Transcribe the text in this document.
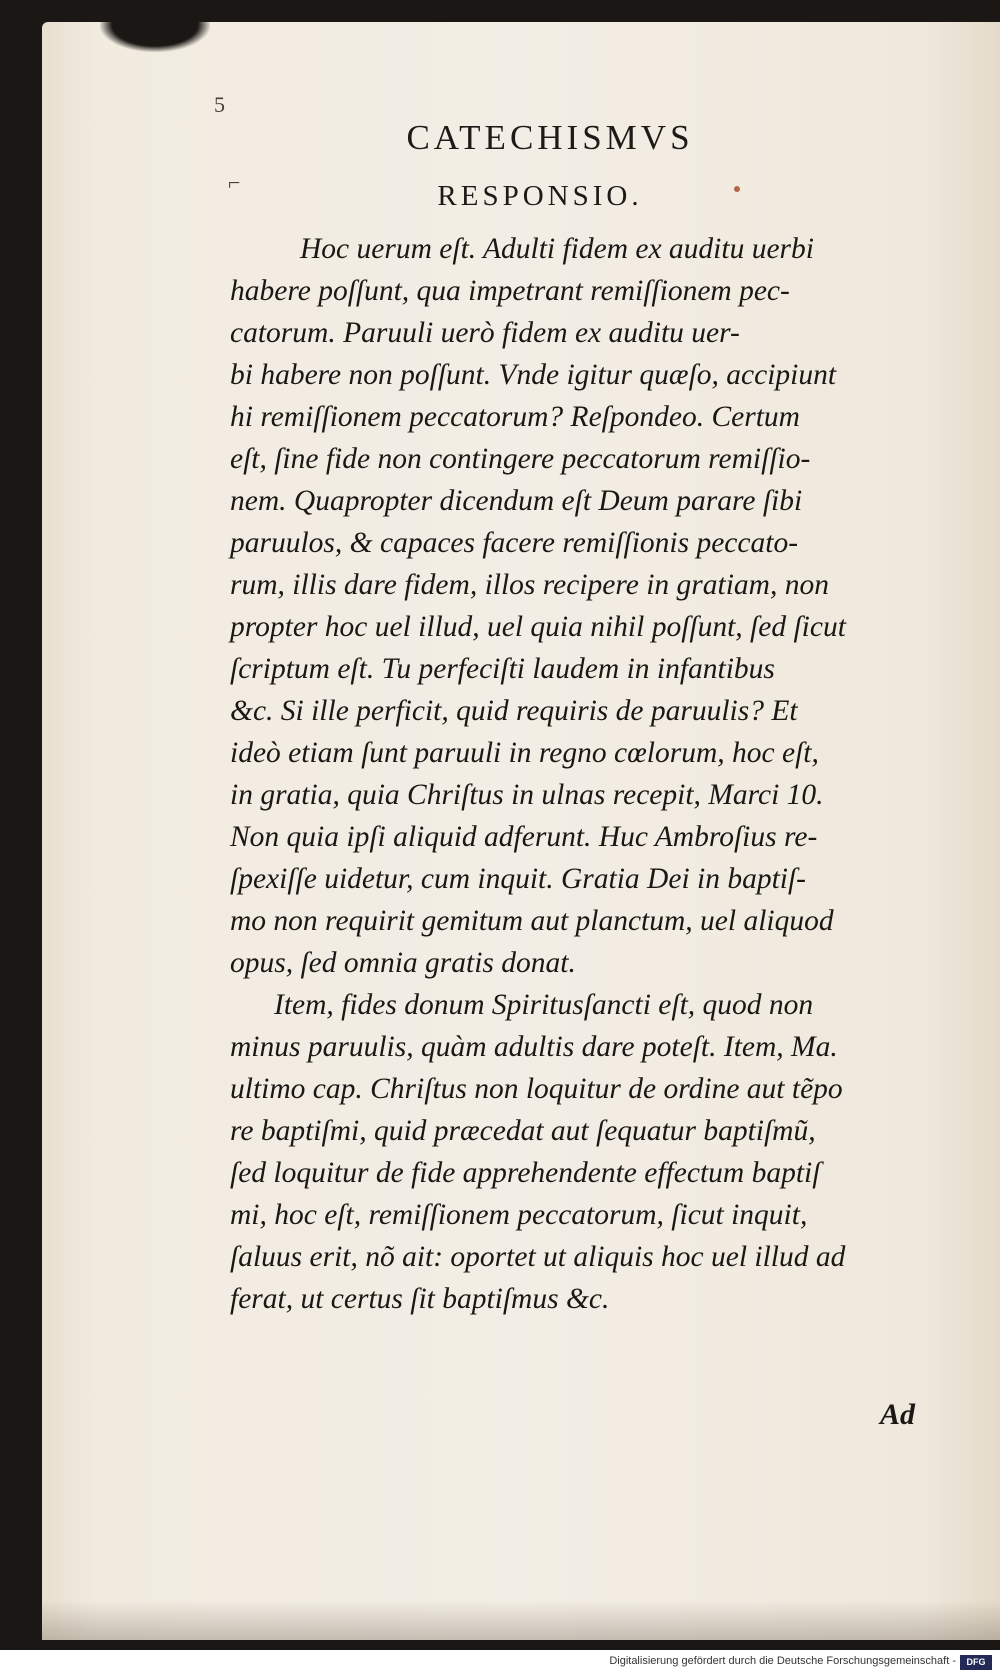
5
⌐
CATECHISMVS
RESPONSIO.
Hoc uerum eſt. Adulti fidem ex auditu uerbi
habere poſſunt, qua impetrant remiſſionem pec-
catorum. Paruuli uerò fidem ex auditu uer-
bi habere non poſſunt. Vnde igitur quæſo, accipiunt
hi remiſſionem peccatorum? Reſpondeo. Certum
eſt, ſine fide non contingere peccatorum remiſſio-
nem. Quapropter dicendum eſt Deum parare ſibi
paruulos, & capaces facere remiſſionis peccato-
rum, illis dare fidem, illos recipere in gratiam, non
propter hoc uel illud, uel quia nihil poſſunt, ſed ſicut
ſcriptum eſt. Tu perfeciſti laudem in infantibus
&c. Si ille perficit, quid requiris de paruulis? Et
ideò etiam ſunt paruuli in regno cœlorum, hoc eſt,
in gratia, quia Chriſtus in ulnas recepit, Marci 10.
Non quia ipſi aliquid adferunt. Huc Ambroſius re-
ſpexiſſe uidetur, cum inquit. Gratia Dei in baptiſ-
mo non requirit gemitum aut planctum, uel aliquod
opus, ſed omnia gratis donat.
Item, fides donum Spiritusſancti eſt, quod non
minus paruulis, quàm adultis dare poteſt. Item, Ma.
ultimo cap. Chriſtus non loquitur de ordine aut tẽpo
re baptiſmi, quid præcedat aut ſequatur baptiſmũ,
ſed loquitur de fide apprehendente effectum baptiſ
mi, hoc eſt, remiſſionem peccatorum, ſicut inquit,
ſaluus erit, nõ ait: oportet ut aliquis hoc uel illud ad
ferat, ut certus ſit baptiſmus &c.
Ad
Digitalisierung gefördert durch die Deutsche Forschungsgemeinschaft -	DFG
